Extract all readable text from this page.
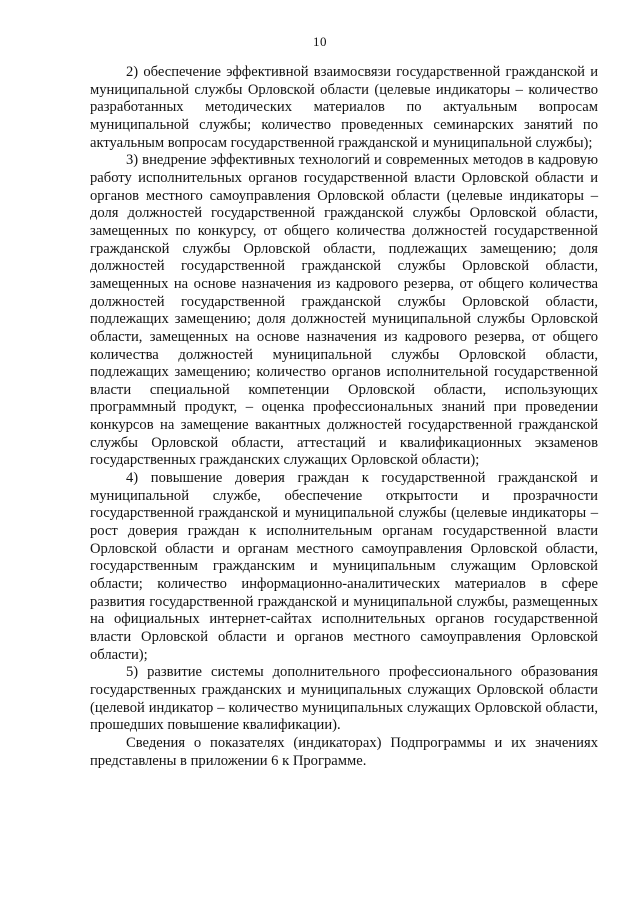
10

2) обеспечение эффективной взаимосвязи государственной гражданской и муниципальной службы Орловской области (целевые индикаторы – количество разработанных методических материалов по актуальным вопросам муниципальной службы; количество проведенных семинарских занятий по актуальным вопросам государственной гражданской и муниципальной службы);

3) внедрение эффективных технологий и современных методов в кадровую работу исполнительных органов государственной власти Орловской области и органов местного самоуправления Орловской области (целевые индикаторы – доля должностей государственной гражданской службы Орловской области, замещенных по конкурсу, от общего количества должностей государственной гражданской службы Орловской области, подлежащих замещению; доля должностей государственной гражданской службы Орловской области, замещенных на основе назначения из кадрового резерва, от общего количества должностей государственной гражданской службы Орловской области, подлежащих замещению; доля должностей муниципальной службы Орловской области, замещенных на основе назначения из кадрового резерва, от общего количества должностей муниципальной службы Орловской области, подлежащих замещению; количество органов исполнительной государственной власти специальной компетенции Орловской области, использующих программный продукт, – оценка профессиональных знаний при проведении конкурсов на замещение вакантных должностей государственной гражданской службы Орловской области, аттестаций и квалификационных экзаменов государственных гражданских служащих Орловской области);

4) повышение доверия граждан к государственной гражданской и муниципальной службе, обеспечение открытости и прозрачности государственной гражданской и муниципальной службы (целевые индикаторы – рост доверия граждан к исполнительным органам государственной власти Орловской области и органам местного самоуправления Орловской области, государственным гражданским и муниципальным служащим Орловской области; количество информационно-аналитических материалов в сфере развития государственной гражданской и муниципальной службы, размещенных на официальных интернет-сайтах исполнительных органов государственной власти Орловской области и органов местного самоуправления Орловской области);

5) развитие системы дополнительного профессионального образования государственных гражданских и муниципальных служащих Орловской области (целевой индикатор – количество муниципальных служащих Орловской области, прошедших повышение квалификации).

Сведения о показателях (индикаторах) Подпрограммы и их значениях представлены в приложении 6 к Программе.
